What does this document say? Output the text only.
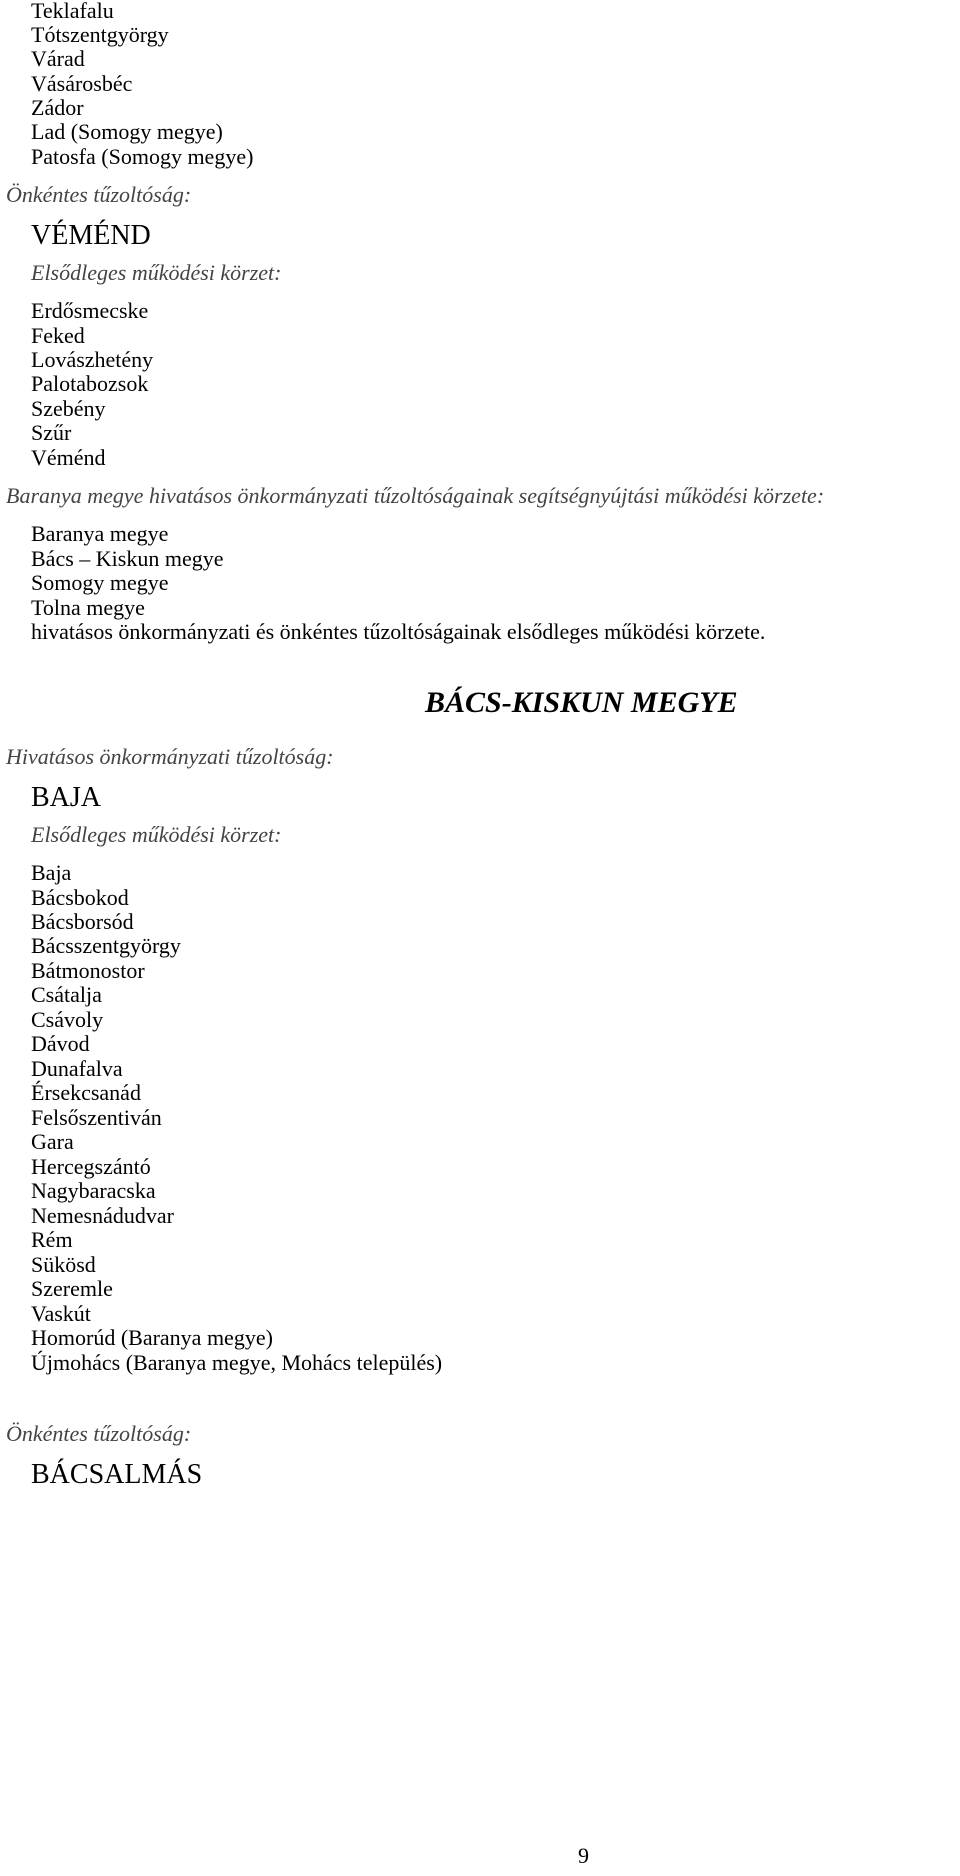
Teklafalu
Tótszentgyörgy
Várad
Vásárosbéc
Zádor
Lad (Somogy megye)
Patosfa (Somogy megye)
Önkéntes tűzoltóság:
VÉMÉND
Elsődleges működési körzet:
Erdősmecske
Feked
Lovászhetény
Palotabozsok
Szebény
Szűr
Véménd
Baranya megye hivatásos önkormányzati tűzoltóságainak segítségnyújtási működési körzete:
Baranya megye
Bács – Kiskun megye
Somogy megye
Tolna megye
hivatásos önkormányzati és önkéntes tűzoltóságainak elsődleges működési körzete.
BÁCS-KISKUN MEGYE
Hivatásos önkormányzati tűzoltóság:
BAJA
Elsődleges működési körzet:
Baja
Bácsbokod
Bácsborsód
Bácsszentgyörgy
Bátmonostor
Csátalja
Csávoly
Dávod
Dunafalva
Érsekcsanád
Felsőszentiván
Gara
Hercegszántó
Nagybaracska
Nemesnádudvar
Rém
Sükösd
Szeremle
Vaskút
Homorúd (Baranya megye)
Újmohács (Baranya megye, Mohács település)
Önkéntes tűzoltóság:
BÁCSALMÁS
9
